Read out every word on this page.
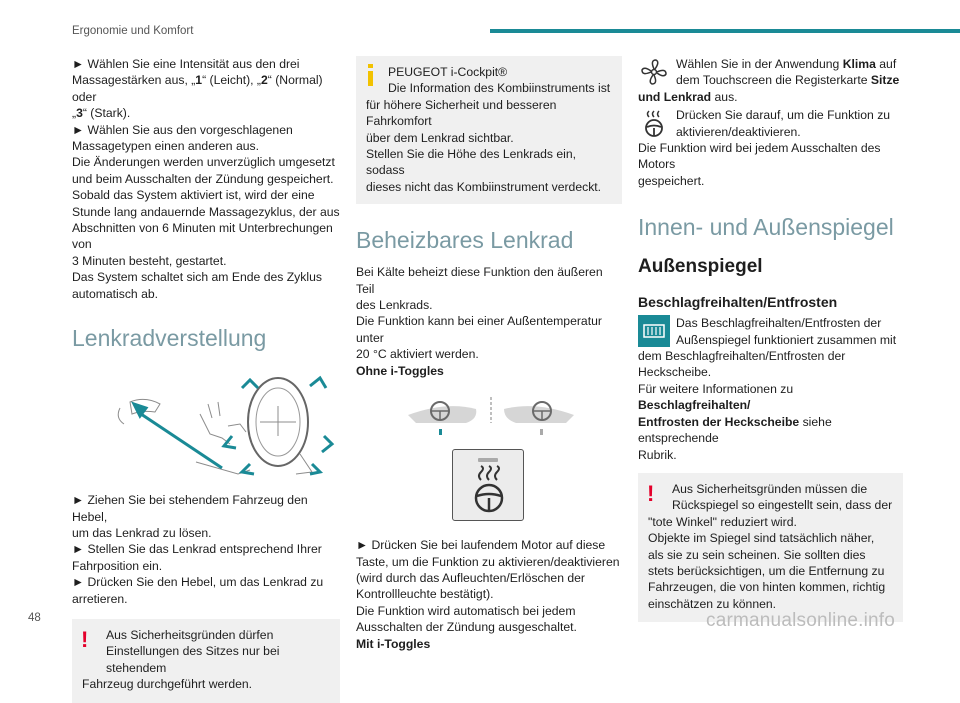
Ergonomie und Komfort
► Wählen Sie eine Intensität aus den drei
Massagestärken aus, „1“ (Leicht), „2“ (Normal) oder
„3“ (Stark).
► Wählen Sie aus den vorgeschlagenen
Massagetypen einen anderen aus.
Die Änderungen werden unverzüglich umgesetzt
und beim Ausschalten der Zündung gespeichert.
Sobald das System aktiviert ist, wird der eine
Stunde lang andauernde Massagezyklus, der aus
Abschnitten von 6 Minuten mit Unterbrechungen von
3 Minuten besteht, gestartet.
Das System schaltet sich am Ende des Zyklus
automatisch ab.
Lenkradverstellung
► Ziehen Sie bei stehendem Fahrzeug den Hebel,
um das Lenkrad zu lösen.
► Stellen Sie das Lenkrad entsprechend Ihrer
Fahrposition ein.
► Drücken Sie den Hebel, um das Lenkrad zu
arretieren.
!	Aus Sicherheitsgründen dürfen
Einstellungen des Sitzes nur bei stehendem
Fahrzeug durchgeführt werden.
PEUGEOT i-Cockpit®
Die Information des Kombiinstruments ist
für höhere Sicherheit und besseren Fahrkomfort
über dem Lenkrad sichtbar.
Stellen Sie die Höhe des Lenkrads ein, sodass
dieses nicht das Kombiinstrument verdeckt.
Beheizbares Lenkrad
Bei Kälte beheizt diese Funktion den äußeren Teil
des Lenkrads.
Die Funktion kann bei einer Außentemperatur unter
20 °C aktiviert werden.
Ohne i-Toggles
► Drücken Sie bei laufendem Motor auf diese
Taste, um die Funktion zu aktivieren/deaktivieren
(wird durch das Aufleuchten/Erlöschen der
Kontrollleuchte bestätigt).
Die Funktion wird automatisch bei jedem
Ausschalten der Zündung ausgeschaltet.
Mit i-Toggles
Wählen Sie in der Anwendung Klima auf
dem Touchscreen die Registerkarte Sitze
und Lenkrad aus.
Drücken Sie darauf, um die Funktion zu
aktivieren/deaktivieren.
Die Funktion wird bei jedem Ausschalten des Motors
gespeichert.
Innen- und Außenspiegel
Außenspiegel
Beschlagfreihalten/Entfrosten
Das Beschlagfreihalten/Entfrosten der
Außenspiegel funktioniert zusammen mit
dem Beschlagfreihalten/Entfrosten der Heckscheibe.
Für weitere Informationen zu Beschlagfreihalten/
Entfrosten der Heckscheibe siehe entsprechende
Rubrik.
!	Aus Sicherheitsgründen müssen die
Rückspiegel so eingestellt sein, dass der
"tote Winkel" reduziert wird.
Objekte im Spiegel sind tatsächlich näher,
als sie zu sein scheinen. Sie sollten dies
stets berücksichtigen, um die Entfernung zu
Fahrzeugen, die von hinten kommen, richtig
einschätzen zu können.
48	carmanualsonline.info
